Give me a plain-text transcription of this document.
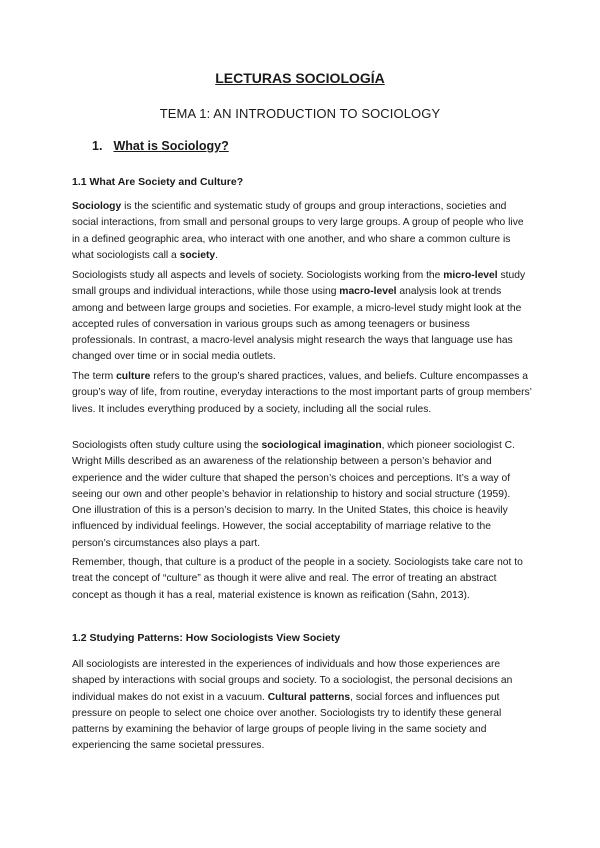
LECTURAS SOCIOLOGÍA
TEMA 1: AN INTRODUCTION TO SOCIOLOGY
1. What is Sociology?
1.1 What Are Society and Culture?

Sociology is the scientific and systematic study of groups and group interactions, societies and social interactions, from small and personal groups to very large groups. A group of people who live in a defined geographic area, who interact with one another, and who share a common culture is what sociologists call a society.

Sociologists study all aspects and levels of society. Sociologists working from the micro-level study small groups and individual interactions, while those using macro-level analysis look at trends among and between large groups and societies. For example, a micro-level study might look at the accepted rules of conversation in various groups such as among teenagers or business professionals. In contrast, a macro-level analysis might research the ways that language use has changed over time or in social media outlets.

The term culture refers to the group’s shared practices, values, and beliefs. Culture encompasses a group’s way of life, from routine, everyday interactions to the most important parts of group members’ lives. It includes everything produced by a society, including all the social rules.

Sociologists often study culture using the sociological imagination, which pioneer sociologist C. Wright Mills described as an awareness of the relationship between a person’s behavior and experience and the wider culture that shaped the person’s choices and perceptions. It’s a way of seeing our own and other people’s behavior in relationship to history and social structure (1959). One illustration of this is a person’s decision to marry. In the United States, this choice is heavily influenced by individual feelings. However, the social acceptability of marriage relative to the person’s circumstances also plays a part.

Remember, though, that culture is a product of the people in a society. Sociologists take care not to treat the concept of “culture” as though it were alive and real. The error of treating an abstract concept as though it has a real, material existence is known as reification (Sahn, 2013).

1.2 Studying Patterns: How Sociologists View Society

All sociologists are interested in the experiences of individuals and how those experiences are shaped by interactions with social groups and society. To a sociologist, the personal decisions an individual makes do not exist in a vacuum. Cultural patterns, social forces and influences put pressure on people to select one choice over another. Sociologists try to identify these general patterns by examining the behavior of large groups of people living in the same society and experiencing the same societal pressures.
